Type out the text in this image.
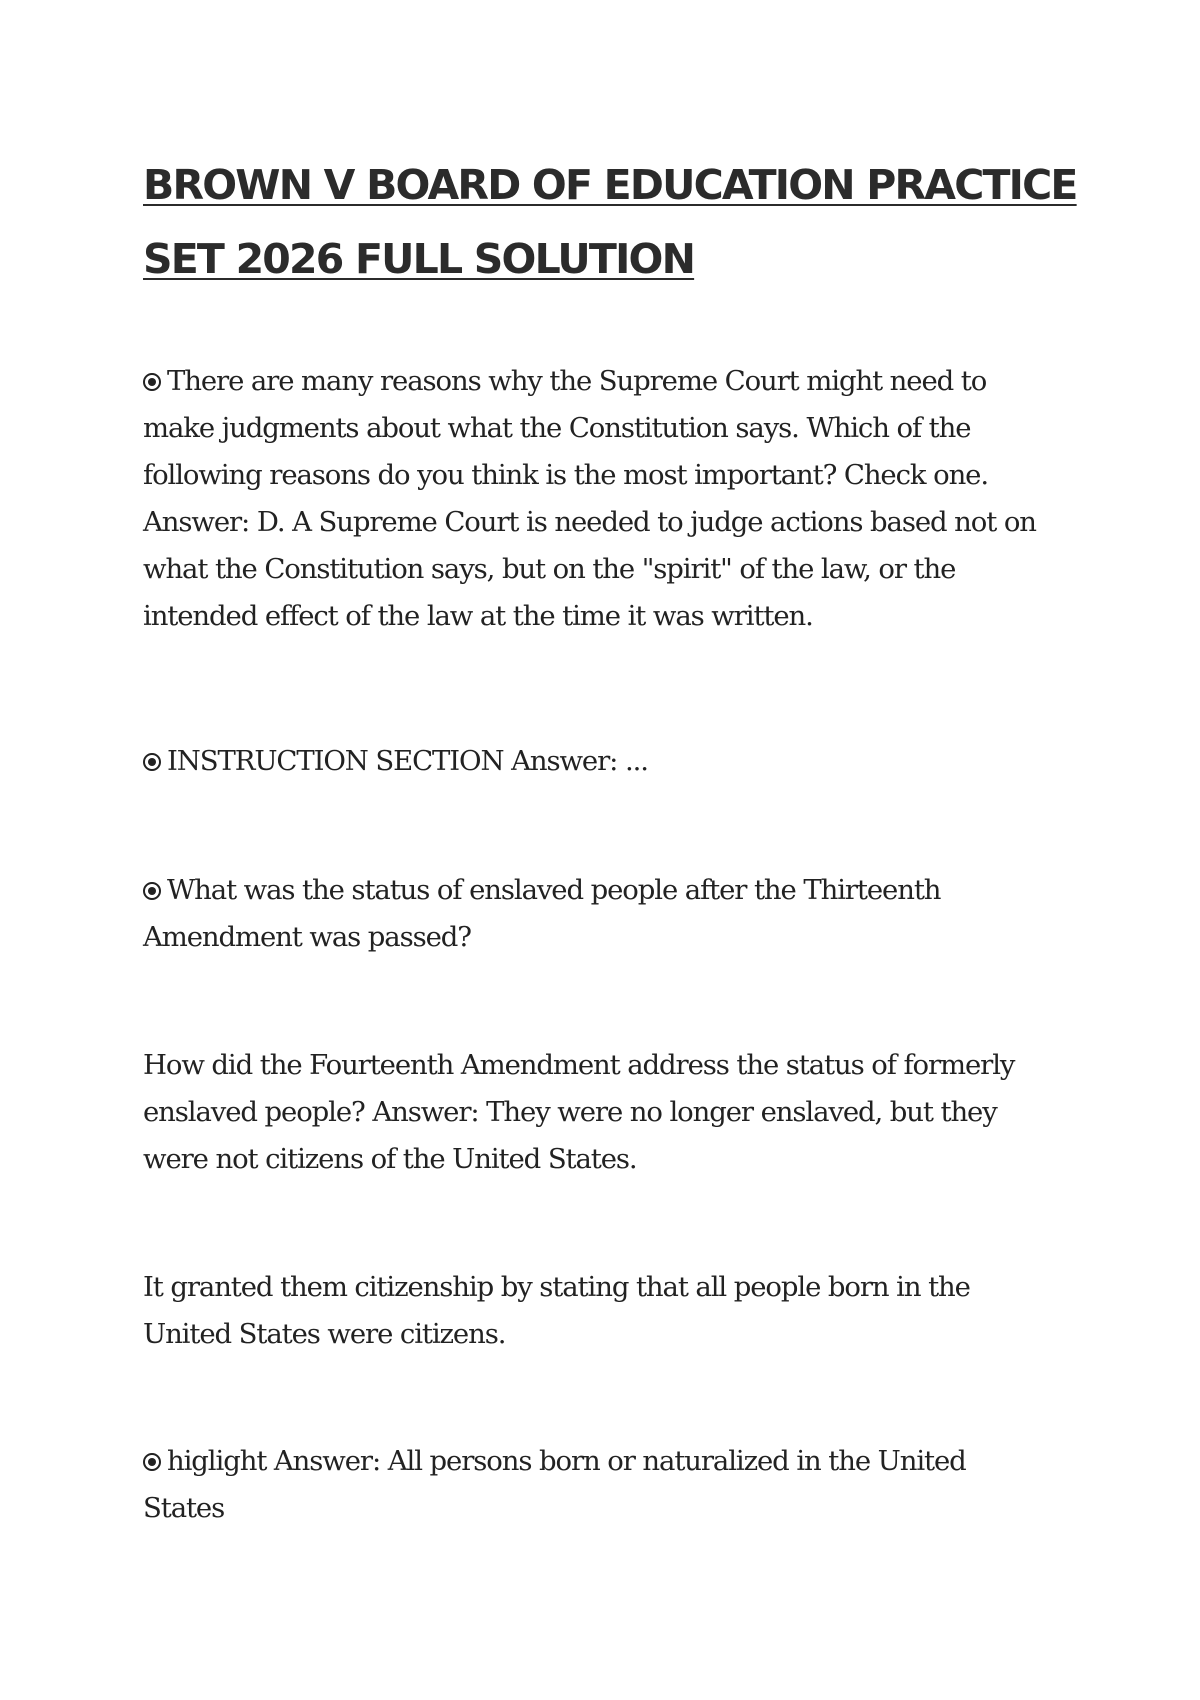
BROWN V BOARD OF EDUCATION PRACTICE
SET 2026 FULL SOLUTION

There are many reasons why the Supreme Court might need to
make judgments about what the Constitution says. Which of the
following reasons do you think is the most important? Check one.
Answer: D. A Supreme Court is needed to judge actions based not on
what the Constitution says, but on the "spirit" of the law, or the
intended effect of the law at the time it was written.

INSTRUCTION SECTION Answer: ...

What was the status of enslaved people after the Thirteenth
Amendment was passed?

How did the Fourteenth Amendment address the status of formerly
enslaved people? Answer: They were no longer enslaved, but they
were not citizens of the United States.

It granted them citizenship by stating that all people born in the
United States were citizens.

higlight Answer: All persons born or naturalized in the United
States
